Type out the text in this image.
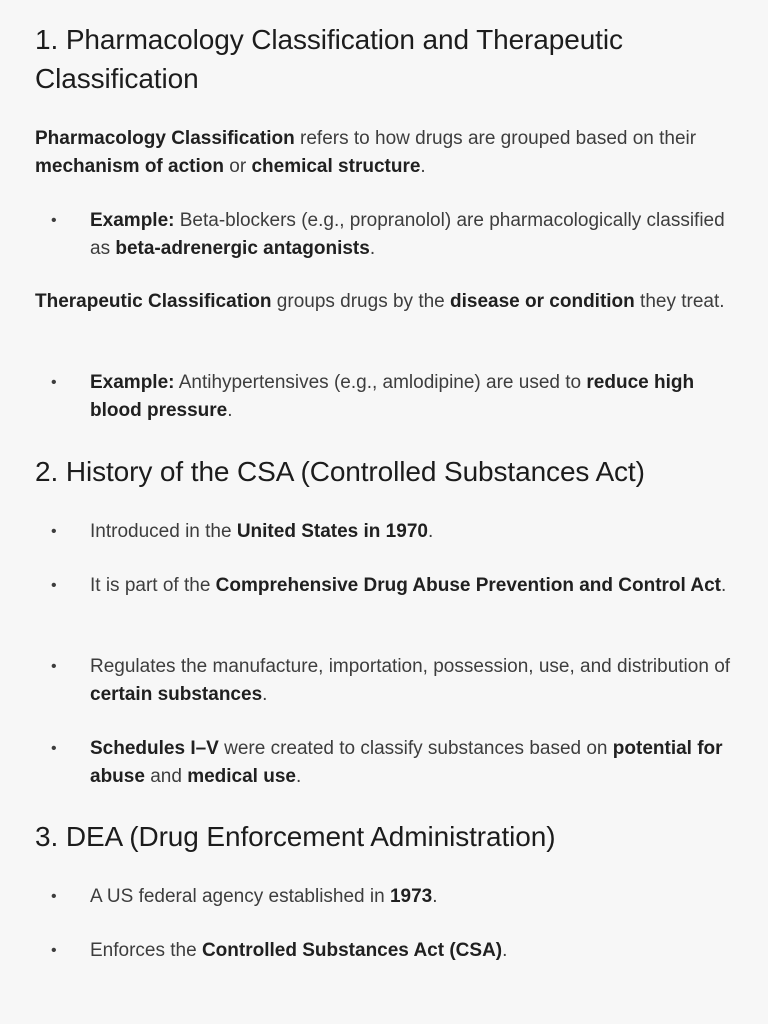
1. Pharmacology Classification and Therapeutic Classification

Pharmacology Classification refers to how drugs are grouped based on their mechanism of action or chemical structure.

•	Example: Beta-blockers (e.g., propranolol) are pharmacologically classified as beta-adrenergic antagonists.

Therapeutic Classification groups drugs by the disease or condition they treat.

•	Example: Antihypertensives (e.g., amlodipine) are used to reduce high blood pressure.
2. History of the CSA (Controlled Substances Act)
•	Introduced in the United States in 1970.
•	It is part of the Comprehensive Drug Abuse Prevention and Control Act.
•	Regulates the manufacture, importation, possession, use, and distribution of certain substances.
•	Schedules I–V were created to classify substances based on potential for abuse and medical use.
3. DEA (Drug Enforcement Administration)
•	A US federal agency established in 1973.
•	Enforces the Controlled Substances Act (CSA).
